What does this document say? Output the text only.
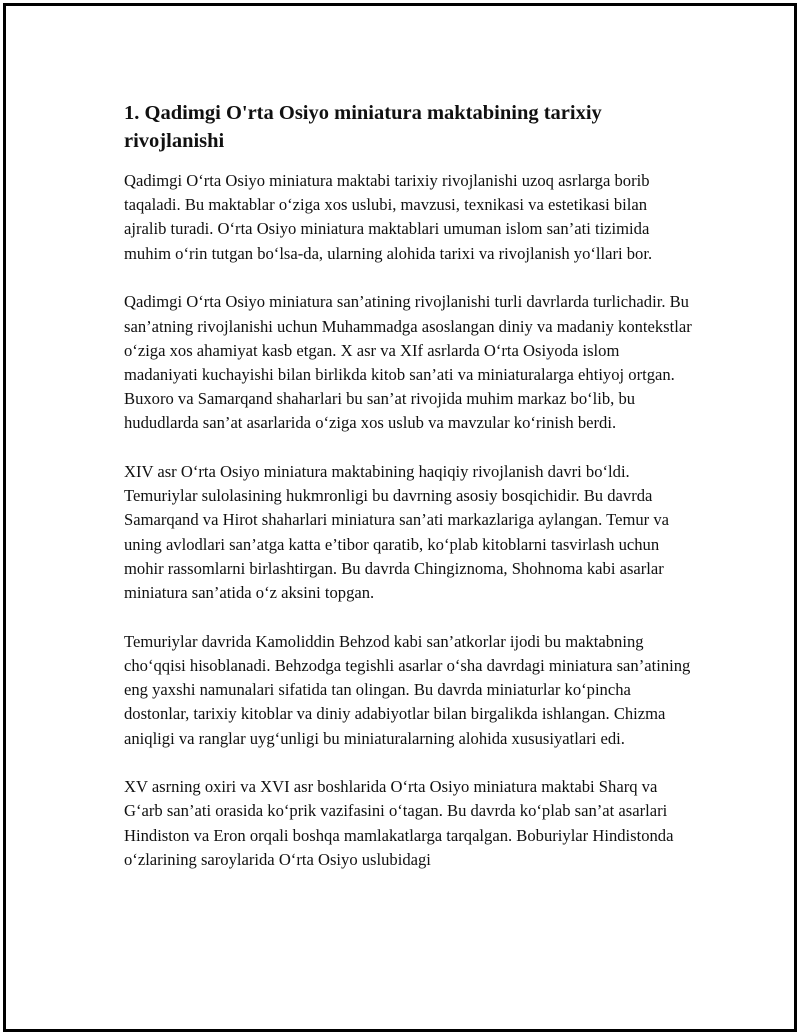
1. Qadimgi O'rta Osiyo miniatura maktabining tarixiy rivojlanishi

Qadimgi O‘rta Osiyo miniatura maktabi tarixiy rivojlanishi uzoq asrlarga borib taqaladi. Bu maktablar o‘ziga xos uslubi, mavzusi, texnikasi va estetikasi bilan ajralib turadi. O‘rta Osiyo miniatura maktablari umuman islom san’ati tizimida muhim o‘rin tutgan bo‘lsa-da, ularning alohida tarixi va rivojlanish yo‘llari bor.

Qadimgi O‘rta Osiyo miniatura san’atining rivojlanishi turli davrlarda turlichadir. Bu san’atning rivojlanishi uchun Muhammadga asoslangan diniy va madaniy kontekstlar o‘ziga xos ahamiyat kasb etgan. X asr va XIf asrlarda O‘rta Osiyoda islom madaniyati kuchayishi bilan birlikda kitob san’ati va miniaturalarga ehtiyoj ortgan. Buxoro va Samarqand shaharlari bu san’at rivojida muhim markaz bo‘lib, bu hududlarda san’at asarlarida o‘ziga xos uslub va mavzular ko‘rinish berdi.

XIV asr O‘rta Osiyo miniatura maktabining haqiqiy rivojlanish davri bo‘ldi. Temuriylar sulolasining hukmronligi bu davrning asosiy bosqichidir. Bu davrda Samarqand va Hirot shaharlari miniatura san’ati markazlariga aylangan. Temur va uning avlodlari san’atga katta e’tibor qaratib, ko‘plab kitoblarni tasvirlash uchun mohir rassomlarni birlashtirgan. Bu davrda Chingiznoma, Shohnoma kabi asarlar miniatura san’atida o‘z aksini topgan.

Temuriylar davrida Kamoliddin Behzod kabi san’atkorlar ijodi bu maktabning cho‘qqisi hisoblanadi. Behzodga tegishli asarlar o‘sha davrdagi miniatura san’atining eng yaxshi namunalari sifatida tan olingan. Bu davrda miniaturlar ko‘pincha dostonlar, tarixiy kitoblar va diniy adabiyotlar bilan birgalikda ishlangan. Chizma aniqligi va ranglar uyg‘unligi bu miniaturalarning alohida xususiyatlari edi.

XV asrning oxiri va XVI asr boshlarida O‘rta Osiyo miniatura maktabi Sharq va G‘arb san’ati orasida ko‘prik vazifasini o‘tagan. Bu davrda ko‘plab san’at asarlari Hindiston va Eron orqali boshqa mamlakatlarga tarqalgan. Boburiylar Hindistonda o‘zlarining saroylarida O‘rta Osiyo uslubidagi
